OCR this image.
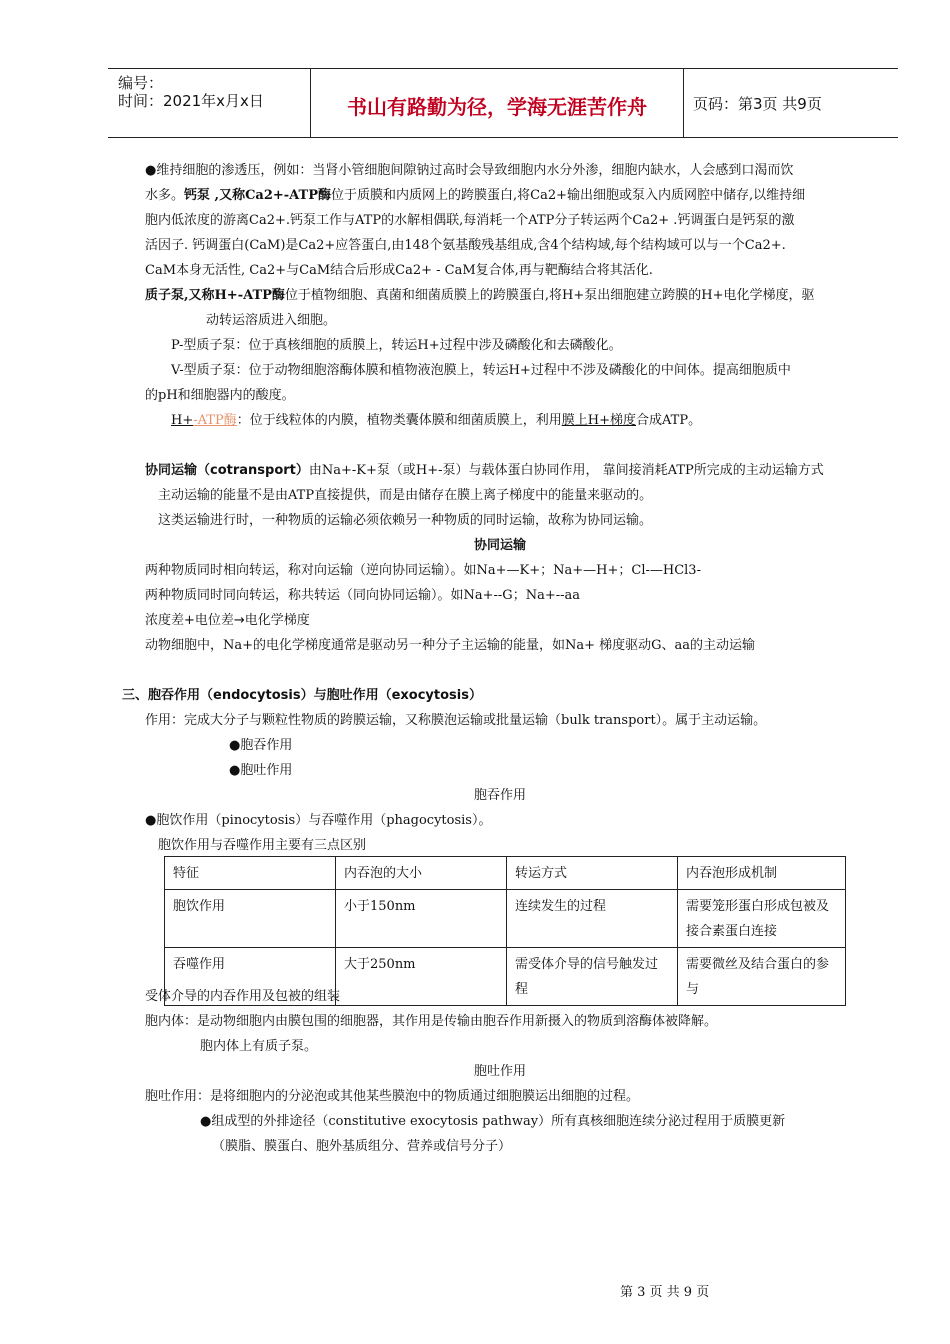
编号：
时间：2021年x月x日	书山有路勤为径，学海无涯苦作舟	页码：第3页 共9页
●维持细胞的渗透压，例如：当肾小管细胞间隙钠过高时会导致细胞内水分外渗，细胞内缺水，人会感到口渴而饮
水多。钙泵 ,又称Ca2+-ATP酶位于质膜和内质网上的跨膜蛋白,将Ca2+输出细胞或泵入内质网腔中储存,以维持细
胞内低浓度的游离Ca2+.钙泵工作与ATP的水解相偶联,每消耗一个ATP分子转运两个Ca2+ .钙调蛋白是钙泵的激
活因子. 钙调蛋白(CaM)是Ca2+应答蛋白,由148个氨基酸残基组成,含4个结构域,每个结构域可以与一个Ca2+.
CaM本身无活性, Ca2+与CaM结合后形成Ca2+ - CaM复合体,再与靶酶结合将其活化.
质子泵,又称H+-ATP酶位于植物细胞、真菌和细菌质膜上的跨膜蛋白,将H+泵出细胞建立跨膜的H+电化学梯度，驱
动转运溶质进入细胞。
P-型质子泵：位于真核细胞的质膜上，转运H+过程中涉及磷酸化和去磷酸化。
V-型质子泵：位于动物细胞溶酶体膜和植物液泡膜上，转运H+过程中不涉及磷酸化的中间体。提高细胞质中
的pH和细胞器内的酸度。
H+-ATP酶：位于线粒体的内膜，植物类囊体膜和细菌质膜上，利用膜上H+梯度合成ATP。
协同运输（cotransport）由Na+-K+泵（或H+-泵）与载体蛋白协同作用， 靠间接消耗ATP所完成的主动运输方式
主动运输的能量不是由ATP直接提供，而是由储存在膜上离子梯度中的能量来驱动的。
这类运输进行时，一种物质的运输必须依赖另一种物质的同时运输，故称为协同运输。
协同运输
两种物质同时相向转运，称对向运输（逆向协同运输）。如Na+—K+；Na+—H+；Cl-—HCl3-
两种物质同时同向转运，称共转运（同向协同运输）。如Na+--G；Na+--aa
浓度差+电位差→电化学梯度
动物细胞中，Na+的电化学梯度通常是驱动另一种分子主运输的能量，如Na+ 梯度驱动G、aa的主动运输
三、胞吞作用（endocytosis）与胞吐作用（exocytosis）
作用：完成大分子与颗粒性物质的跨膜运输，又称膜泡运输或批量运输（bulk transport）。属于主动运输。
●胞吞作用
●胞吐作用
胞吞作用
●胞饮作用（pinocytosis）与吞噬作用（phagocytosis）。
胞饮作用与吞噬作用主要有三点区别
特征	内吞泡的大小	转运方式	内吞泡形成机制
胞饮作用	小于150nm	连续发生的过程	需要笼形蛋白形成包被及接合素蛋白连接
吞噬作用	大于250nm	需受体介导的信号触发过程	需要微丝及结合蛋白的参与
受体介导的内吞作用及包被的组装
胞内体：是动物细胞内由膜包围的细胞器，其作用是传输由胞吞作用新摄入的物质到溶酶体被降解。
胞内体上有质子泵。
胞吐作用
胞吐作用：是将细胞内的分泌泡或其他某些膜泡中的物质通过细胞膜运出细胞的过程。
●组成型的外排途径（constitutive exocytosis pathway）所有真核细胞连续分泌过程用于质膜更新
（膜脂、膜蛋白、胞外基质组分、营养或信号分子）
第 3 页 共 9 页
